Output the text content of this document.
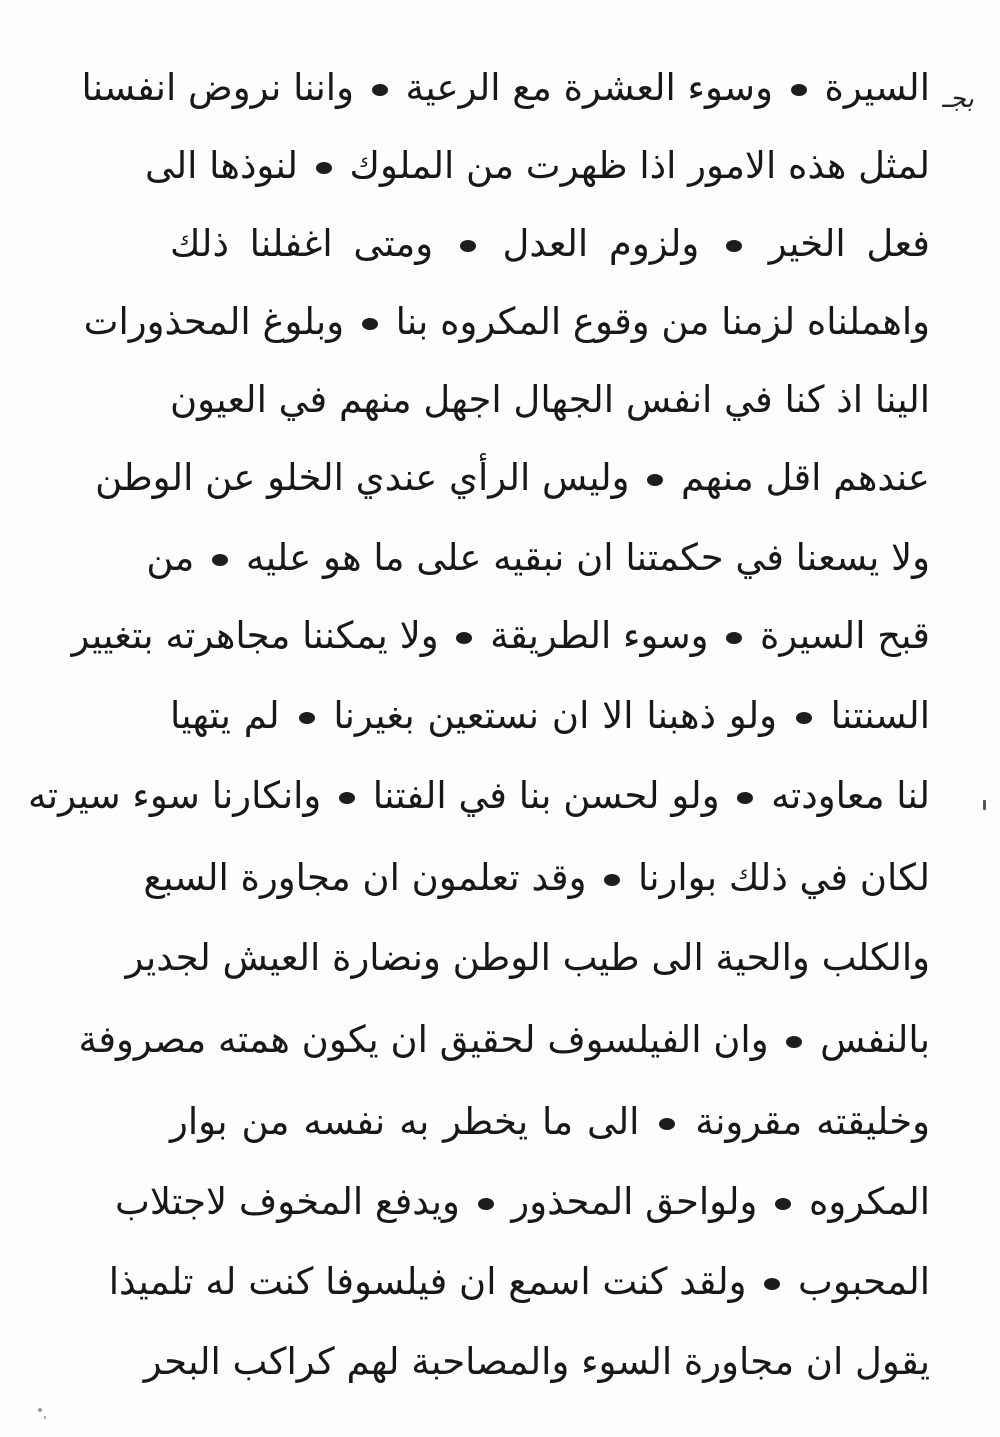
بجـ
السيرة  وسوء العشرة مع الرعية  واننا نروض انفسنا
لمثل هذه الامور اذا ظهرت من الملوك  لنوذها الى
فعل الخير  ولزوم العدل  ومتى اغفلنا ذلك
واهملناه لزمنا من وقوع المكروه بنا  وبلوغ المحذورات
الينا اذ كنا في انفس الجهال اجهل منهم في العيون
عندهم اقل منهم  وليس الرأي عندي الخلو عن الوطن
ولا يسعنا في حكمتنا ان نبقيه على ما هو عليه  من
قبح السيرة  وسوء الطريقة  ولا يمكننا مجاهرته بتغيير
السنتنا  ولو ذهبنا الا ان نستعين بغيرنا  لم يتهيا
لنا معاودته  ولو لحسن بنا في الفتنا  وانكارنا سوء سيرته
لكان في ذلك بوارنا  وقد تعلمون ان مجاورة السبع
والكلب والحية الى طيب الوطن ونضارة العيش لجدير
بالنفس  وان الفيلسوف لحقيق ان يكون همته مصروفة
وخليقته مقرونة  الى ما يخطر به نفسه من بوار
المكروه  ولواحق المحذور  ويدفع المخوف لاجتلاب
المحبوب  ولقد كنت اسمع ان فيلسوفا كنت له تلميذا
يقول ان مجاورة السوء والمصاحبة لهم كراكب البحر
